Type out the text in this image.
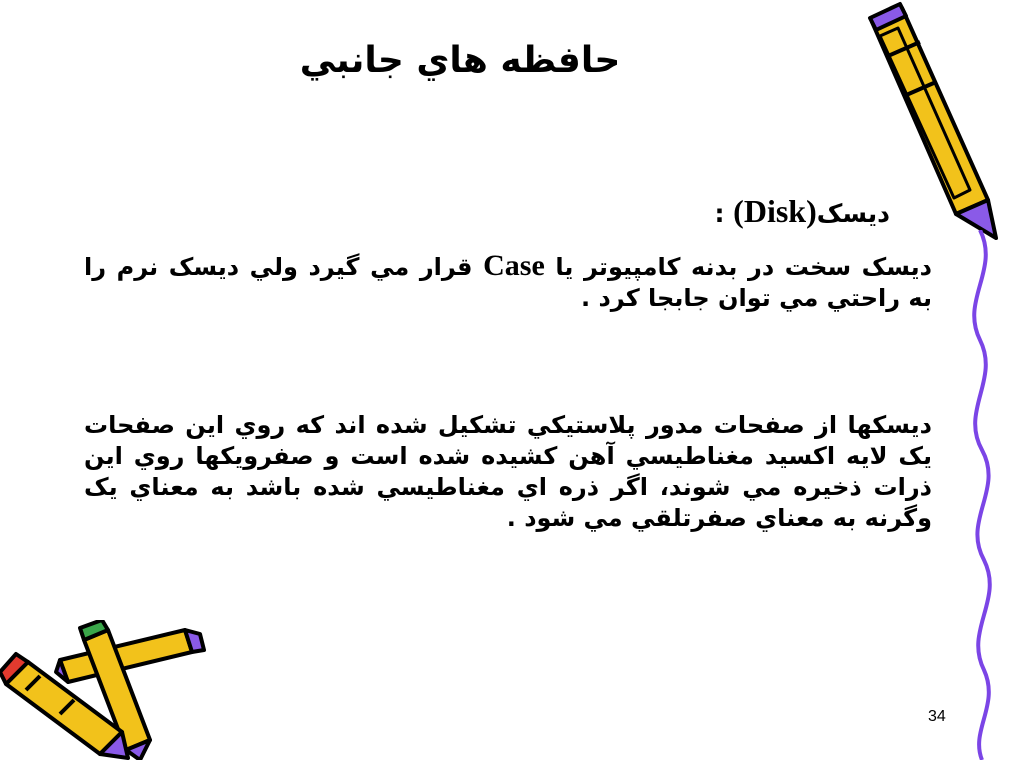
حافظه هاي جانبي
ديسک(Disk) :
ديسک سخت در بدنه کامپيوتر يا Case قرار مي گيرد ولي ديسک نرم را به راحتي مي توان جابجا کرد .
ديسکها از صفحات مدور پلاستيکي تشکيل شده اند که روي اين صفحات يک لايه اکسيد مغناطيسي آهن کشيده شده است و صفرويکها روي اين ذرات ذخيره مي شوند، اگر ذره اي مغناطيسي شده باشد به معناي يک وگرنه به معناي صفرتلقي مي شود .
34
